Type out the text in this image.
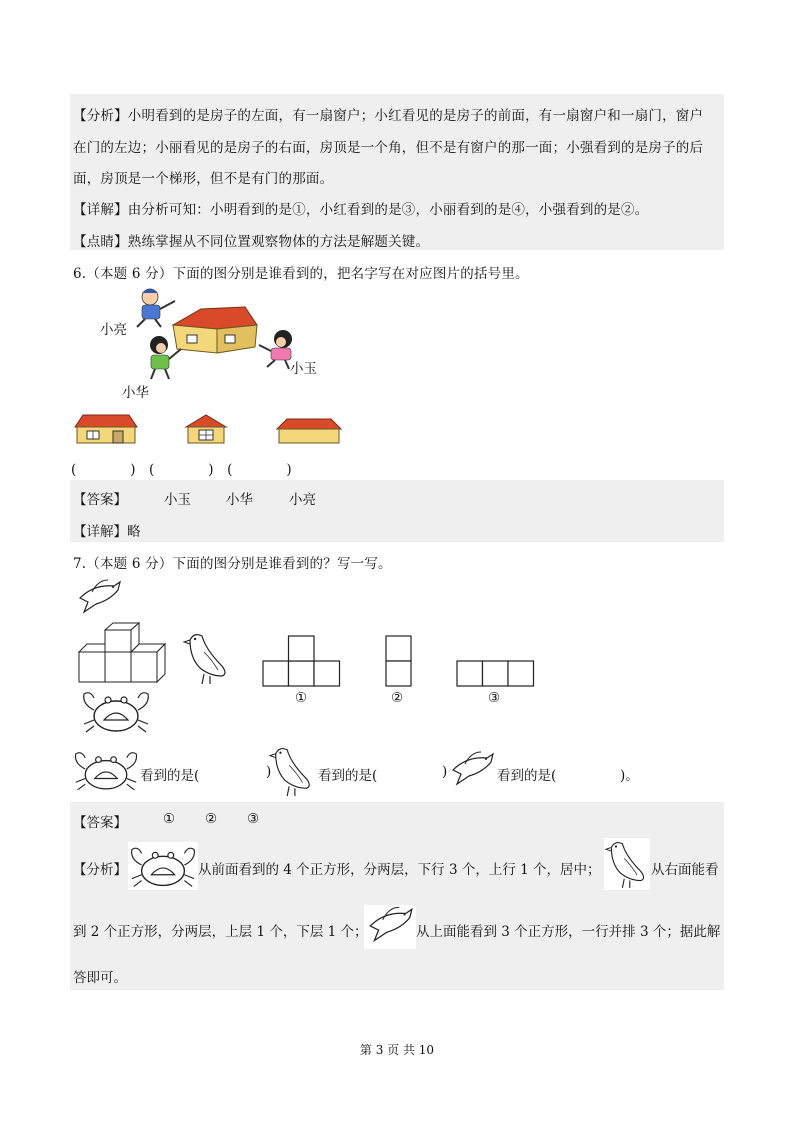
【分析】小明看到的是房子的左面，有一扇窗户；小红看见的是房子的前面，有一扇窗户和一扇门，窗户
在门的左边；小丽看见的是房子的右面，房顶是一个角，但不是有窗户的那一面；小强看到的是房子的后
面，房顶是一个梯形，但不是有门的那面。
【详解】由分析可知：小明看到的是①，小红看到的是③，小丽看到的是④，小强看到的是②。
【点睛】熟练掌握从不同位置观察物体的方法是解题关键。
6.（本题 6 分）下面的图分别是谁看到的，把名字写在对应图片的括号里。
小亮
小华
小玉
(　　　　)　(　　　　)　(　　　　)
【答案】	小玉	小华	小亮
【详解】略
7.（本题 6 分）下面的图分别是谁看到的？写一写。
①	②	③
看到的是(	)	看到的是(	)	看到的是(	)。
【答案】	① ② ③
【分析】	从前面看到的 4 个正方形，分两层，下行 3 个，上行 1 个，居中；	从右面能看
到 2 个正方形，分两层，上层 1 个，下层 1 个；	从上面能看到 3 个正方形，一行并排 3 个；据此解
答即可。
第 3 页 共 10
